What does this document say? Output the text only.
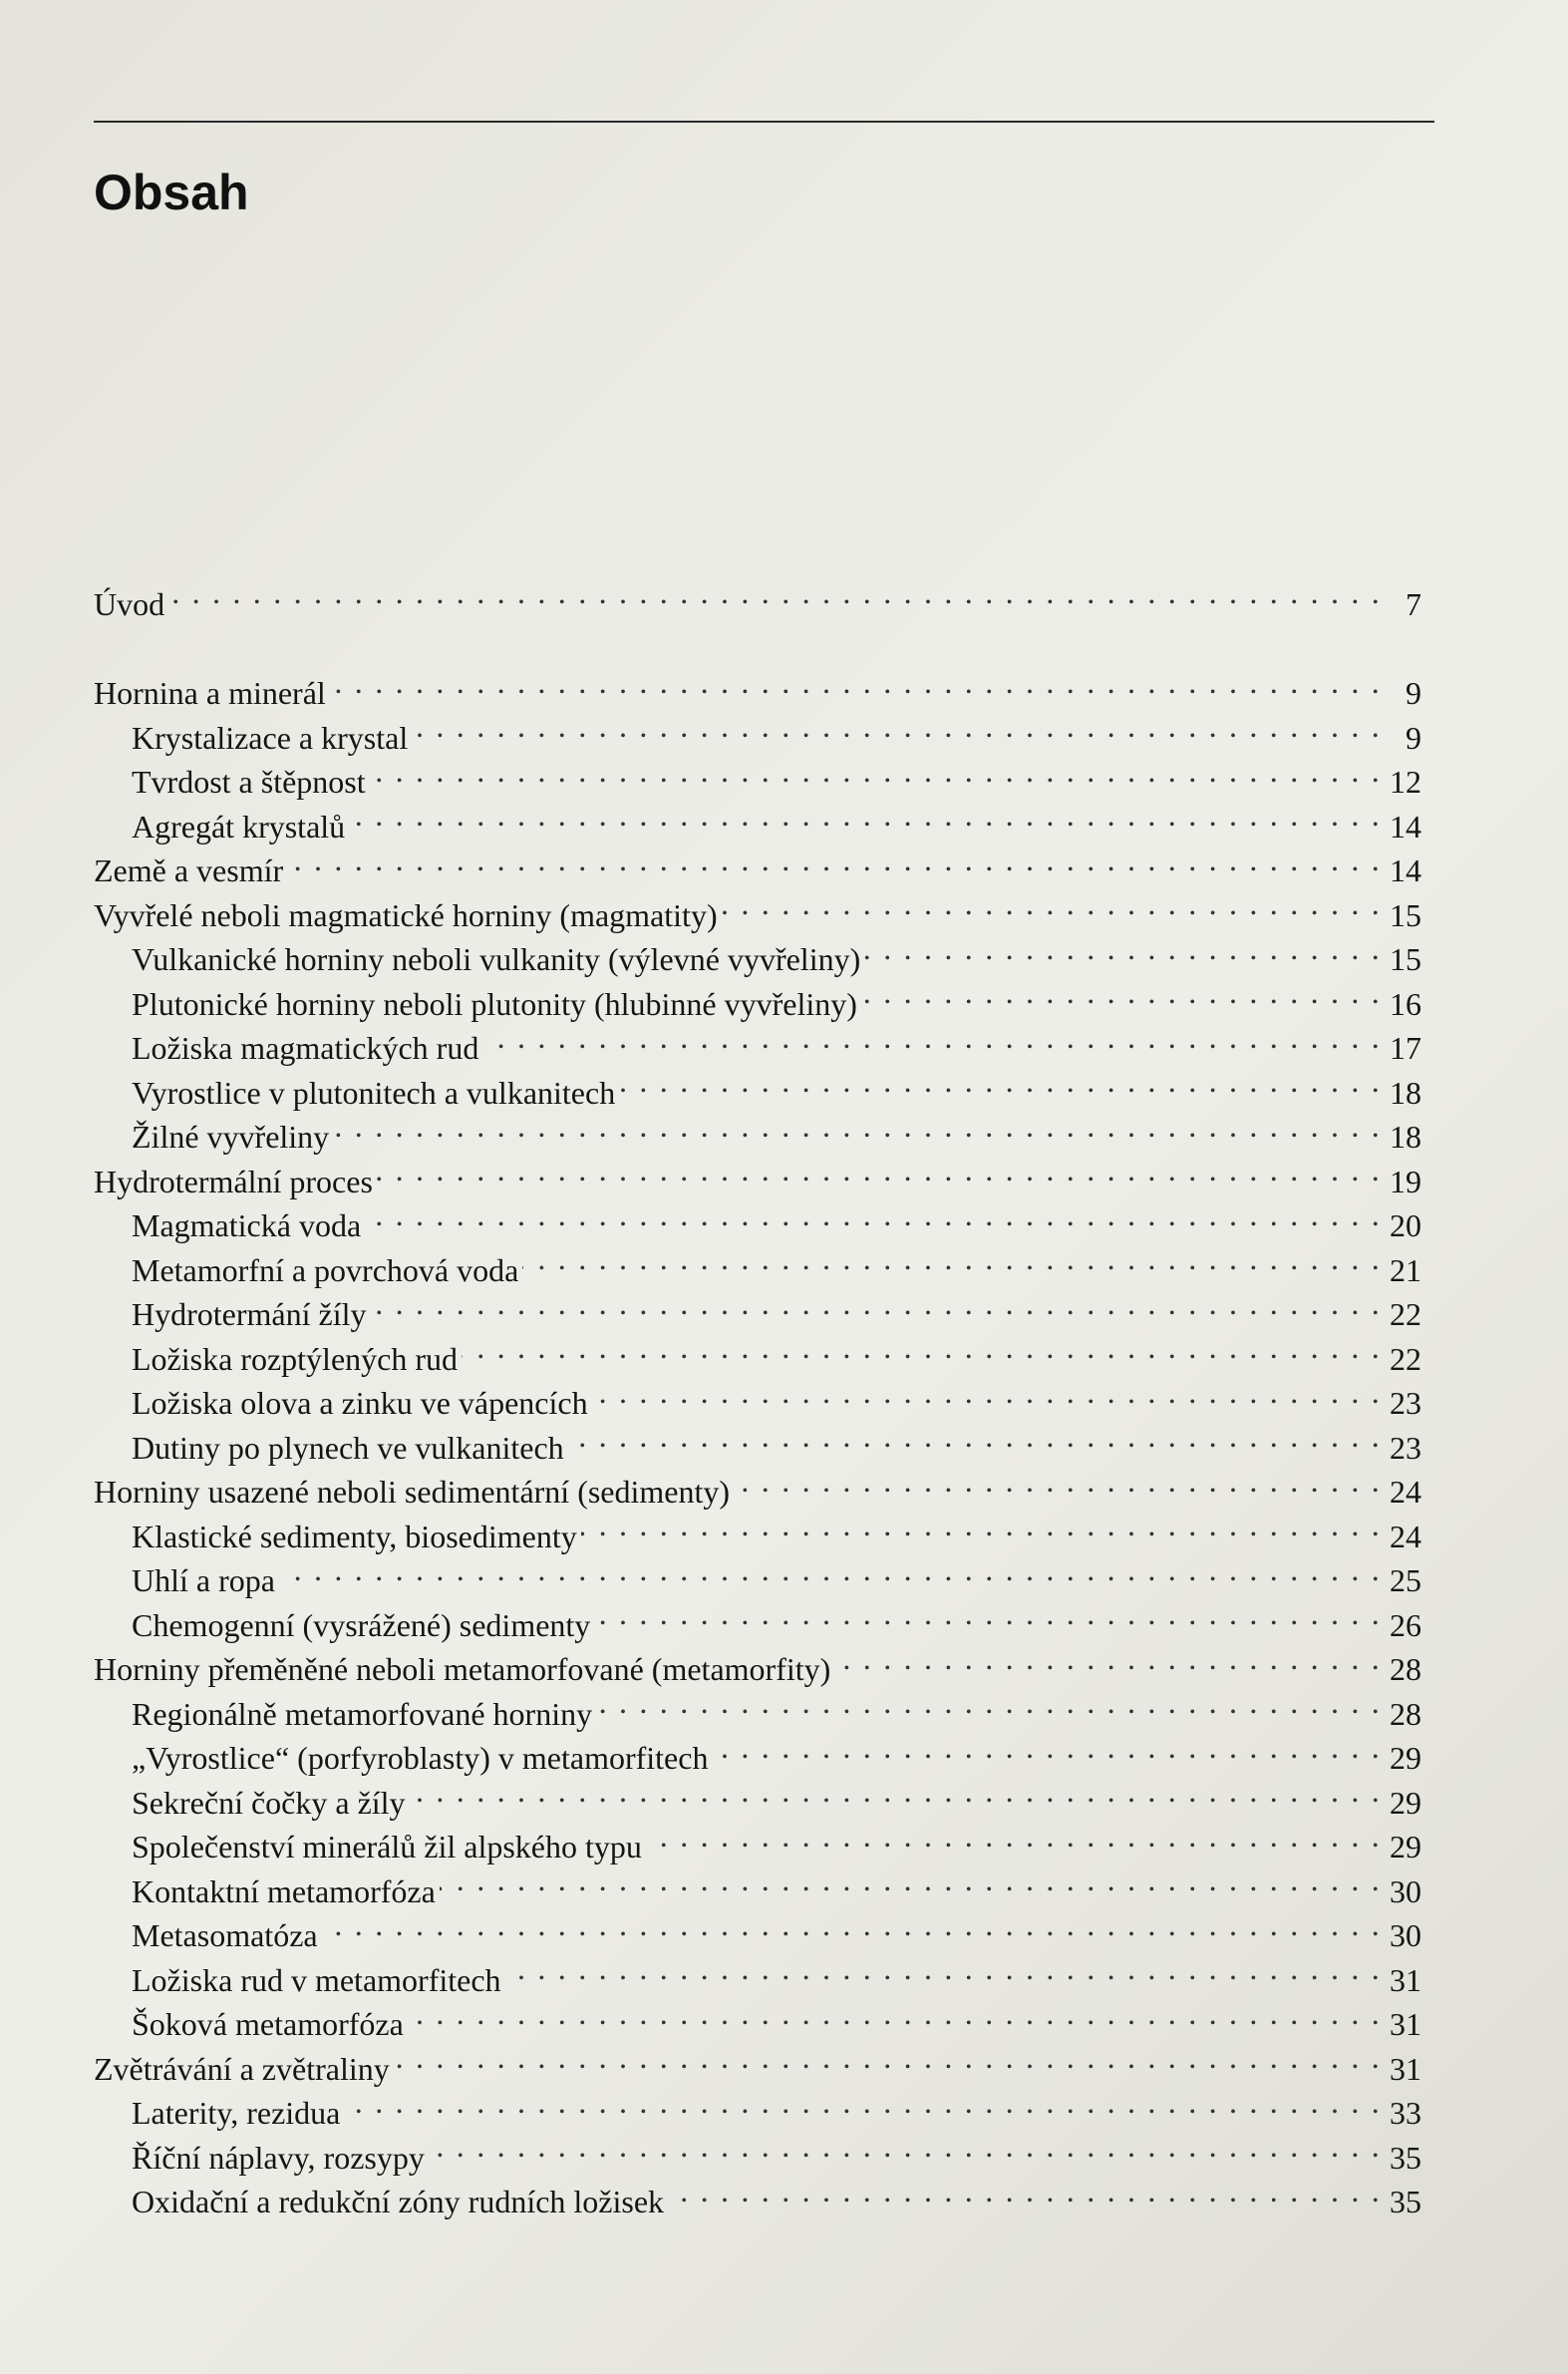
Obsah
Úvod . . .	7
Hornina a minerál . . .	9
Krystalizace a krystal . . .	9
Tvrdost a štěpnost . . .	12
Agregát krystalů . . .	14
Země a vesmír . . .	14
Vyvřelé neboli magmatické horniny (magmatity) . . .	15
Vulkanické horniny neboli vulkanity (výlevné vyvřeliny) . . .	15
Plutonické horniny neboli plutonity (hlubinné vyvřeliny) . . .	16
Ložiska magmatických rud . . .	17
Vyrostlice v plutonitech a vulkanitech . . .	18
Žilné vyvřeliny . . .	18
Hydrotermální proces . . .	19
Magmatická voda . . .	20
Metamorfní a povrchová voda . . .	21
Hydrotermání žíly . . .	22
Ložiska rozptýlených rud . . .	22
Ložiska olova a zinku ve vápencích . . .	23
Dutiny po plynech ve vulkanitech . . .	23
Horniny usazené neboli sedimentární (sedimenty) . . .	24
Klastické sedimenty, biosedimenty . . .	24
Uhlí a ropa . . .	25
Chemogenní (vysrážené) sedimenty . . .	26
Horniny přeměněné neboli metamorfované (metamorfity) . . .	28
Regionálně metamorfované horniny . . .	28
„Vyrostlice“ (porfyroblasty) v metamorfitech . . .	29
Sekreční čočky a žíly . . .	29
Společenství minerálů žil alpského typu . . .	29
Kontaktní metamorfóza . . .	30
Metasomatóza . . .	30
Ložiska rud v metamorfitech . . .	31
Šoková metamorfóza . . .	31
Zvětrávání a zvětraliny . . .	31
Laterity, rezidua . . .	33
Říční náplavy, rozsypy . . .	35
Oxidační a redukční zóny rudních ložisek . . .	35
